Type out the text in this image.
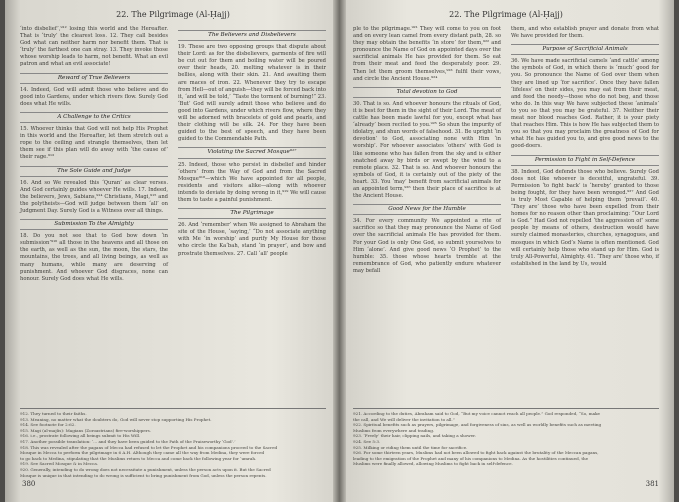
22. The Pilgrimage (Al-Ḥajj)

‘into disbelief’,⁹¹² losing this world and the Hereafter. That is ‘truly’ the clearest loss. 12. They call besides God what can neither harm nor benefit them. That is ‘truly’ the farthest one can stray. 13. They invoke those whose worship leads to harm, not benefit. What an evil patron and what an evil associate!

Reward of True Believers

14. Indeed, God will admit those who believe and do good into Gardens, under which rivers flow. Surely God does what He wills.

A Challenge to the Critics

15. Whoever thinks that God will not help His Prophet in this world and the Hereafter, let them stretch out a rope to the ceiling and strangle themselves, then let them see if this plan will do away with ‘the cause of’ their rage.⁹¹³

The Sole Guide and Judge

16. And so We revealed this ‘Quran’ as clear verses. And God certainly guides whoever He wills. 17. Indeed, the believers, Jews, Sabians,⁹¹⁴ Christians, Magi,⁹¹⁵ and the polytheists—God will judge between them ‘all’ on Judgment Day. Surely God is a Witness over all things.

Submission To the Almighty

18. Do you not see that to God bow down ‘in submission’⁹¹⁶ all those in the heavens and all those on the earth, as well as the sun, the moon, the stars, the mountains, the trees, and all living beings, as well as many humans, while many are deserving of punishment. And whoever God disgraces, none can honour. Surely God does what He wills.

The Believers and Disbelievers

19. These are two opposing groups that dispute about their Lord: as for the disbelievers, garments of fire will be cut out for them and boiling water will be poured over their heads, 20. melting whatever is in their bellies, along with their skin. 21. And awaiting them are maces of iron. 22. Whenever they try to escape from Hell—out of anguish—they will be forced back into it, ‘and will be told,’ “Taste the torment of burning!” 23. ‘But’ God will surely admit those who believe and do good into Gardens, under which rivers flow, where they will be adorned with bracelets of gold and pearls, and their clothing will be silk. 24. For they have been guided to the best of speech, and they have been guided to the Commendable Path.

Violating the Sacred Mosque⁹¹⁷

25. Indeed, those who persist in disbelief and hinder ‘others’ from the Way of God and from the Sacred Mosque⁹¹⁸—which We have appointed for all people, residents and visitors alike—along with whoever intends to deviate by doing wrong in it,⁹¹⁹ We will cause them to taste a painful punishment.

The Pilgrimage

26. And ‘remember’ when We assigned to Abraham the site of the House, ‘saying,’ “Do not associate anything with Me ‘in worship’ and purify My House for those who circle the Ka‘bah, stand ‘in prayer’, and bow and prostrate themselves. 27. Call ‘all’ people

912. They turned to their faiths.
913. Meaning, no matter what the doubters do, God will never stop supporting His Prophet.
914. See footnote for 2:62.
915. Magi (al-majûs): Magians (Zoroastrians) fire-worshippers.
916. i.e., prostrate following all beings submit to His Will.
917. Another possible translation: ‘... and they have been guided to the Path of the Praiseworthy ‘God’.’
918. This was revealed after the pagans of Mecca had refused to let the Prophet and his companions proceed to the Sacred
Mosque in Mecca to perform the pilgrimage in 6 A.H. Although they came all the way from Medina, they were forced
to go back to Medina, stipulating that the Muslims return to Mecca and come back the following year for ‘umrah.
919. See Sacred Mosque & in Mecca.
920. Generally, intending to do wrong does not necessitate a punishment, unless the person acts upon it. But the Sacred
Mosque is unique in that intending to do wrong is sufficient to bring punishment from God, unless the person repents.
380
22. The Pilgrimage (Al-Ḥajj)

ple to the pilgrimage.⁹²¹ They will come to you on foot and on every lean camel from every distant path, 28. so they may obtain the benefits ‘in store’ for them,⁹²² and pronounce the Name of God on appointed days over the sacrificial animals He has provided for them. So eat from their meat and feed the desperately poor. 29. Then let them groom themselves,⁹²³ fulfil their vows, and circle the Ancient House.⁹²⁴

Total devotion to God

30. That is so. And whoever honours the rituals of God, it is best for them in the sight of their Lord. The meat of cattle has been made lawful for you, except what has ‘already’ been recited to you.⁹²⁵ So shun the impurity of idolatry, and shun words of falsehood. 31. Be upright ‘in devotion’ to God, associating none with Him ‘in worship’. For whoever associates ‘others’ with God is like someone who has fallen from the sky and is either snatched away by birds or swept by the wind to a remote place. 32. That is so. And whoever honours the symbols of God, it is certainly out of the piety of the heart. 33. You ‘may’ benefit from sacrificial animals for an appointed term,⁹²⁶ then their place of sacrifice is at the Ancient House.

Good News for the Humble

34. For every community We appointed a rite of sacrifice so that they may pronounce the Name of God over the sacrificial animals He has provided for them. For your God is only One God, so submit yourselves to Him ‘alone’. And give good news ‘O Prophet’ to the humble: 35. those whose hearts tremble at the remembrance of God, who patiently endure whatever may befall

them, and who establish prayer and donate from what We have provided for them.

Purpose of Sacrificial Animals

36. We have made sacrificial camels ‘and cattle’ among the symbols of God, in which there is ‘much’ good for you. So pronounce the Name of God over them when they are lined up ‘for sacrifice’. Once they have fallen ‘lifeless’ on their sides, you may eat from their meat, and feed the needy—those who do not beg, and those who do. In this way We have subjected these ‘animals’ to you so that you may be grateful. 37. Neither their meat nor blood reaches God. Rather, it is your piety that reaches Him. This is how He has subjected them to you so that you may proclaim the greatness of God for what He has guided you to, and give good news to the good-doers.

Permission to Fight in Self-Defence

38. Indeed, God defends those who believe. Surely God does not like whoever is deceitful, ungrateful. 39. Permission ‘to fight back’ is ‘hereby’ granted to those being fought, for they have been wronged.⁹²⁷ And God is truly Most Capable of helping them ‘prevail’. 40. ‘They are’ those who have been expelled from their homes for no reason other than proclaiming: “Our Lord is God.” Had God not repelled ‘the aggression of’ some people by means of others, destruction would have surely claimed monasteries, churches, synagogues, and mosques in which God’s Name is often mentioned. God will certainly help those who stand up for Him. God is truly All-Powerful, Almighty. 41. ‘They are’ those who, if established in the land by Us, would

921. According to the duties, Abraham said to God, “But my voice cannot reach all people.” God responded, “So, make
the call, and We will deliver the invitation to all.”
922. Spiritual benefits such as prayers, pilgrimage, and forgiveness of sins, as well as worldly benefits such as meeting
Muslims from everywhere and trading.
923. ‘Freely’ their hair, clipping nails, and taking a shower.
924. See 5:3.
925. Milking or riding them until the time for sacrifice.
926. For some thirteen years, Muslims had not been allowed to fight back against the brutality of the Meccan pagans,
leading to the emigration of the Prophet and many of his companions to Medina. As the hostilities continued, the
Muslims were finally allowed, allowing Muslims to fight back in self-defence.
381
